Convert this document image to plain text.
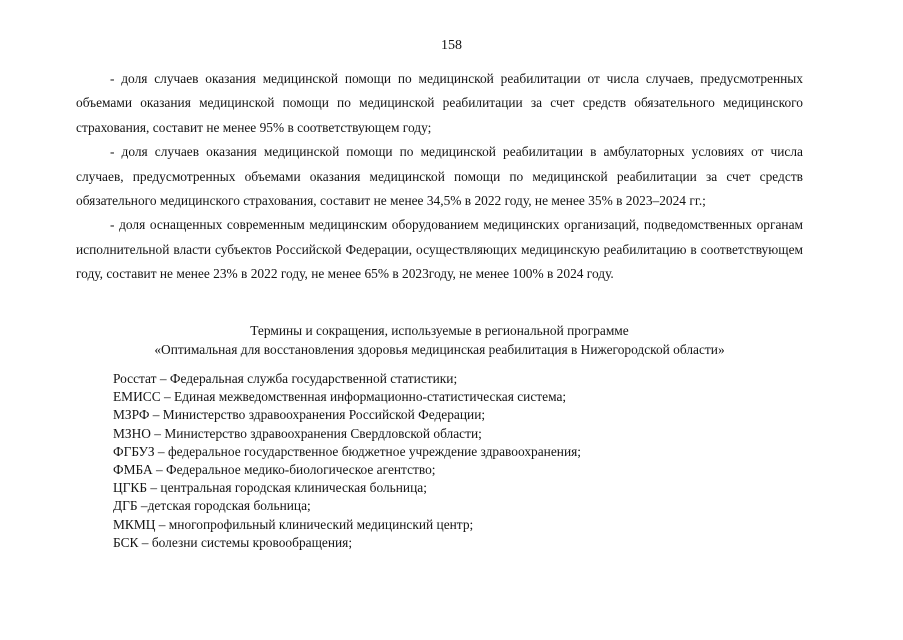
158

- доля случаев оказания медицинской помощи по медицинской реабилитации от числа случаев, предусмотренных объемами оказания медицинской помощи по медицинской реабилитации за счет средств обязательного медицинского страхования, составит не менее 95% в соответствующем году;

- доля случаев оказания медицинской помощи по медицинской реабилитации в амбулаторных условиях от числа случаев, предусмотренных объемами оказания медицинской помощи по медицинской реабилитации за счет средств обязательного медицинского страхования, составит не менее 34,5% в 2022 году, не менее 35% в 2023–2024 гг.;

- доля оснащенных современным медицинским оборудованием медицинских организаций, подведомственных органам исполнительной власти субъектов Российской Федерации, осуществляющих медицинскую реабилитацию в соответствующем году, составит не менее 23% в 2022 году, не менее 65% в 2023году, не менее 100% в 2024 году.

Термины и сокращения, используемые в региональной программе
«Оптимальная для восстановления здоровья медицинская реабилитация в Нижегородской области»
Росстат – Федеральная служба государственной статистики;
ЕМИСС – Единая межведомственная информационно-статистическая система;
МЗРФ – Министерство здравоохранения Российской Федерации;
МЗНО – Министерство здравоохранения Свердловской области;
ФГБУЗ – федеральное государственное бюджетное учреждение здравоохранения;
ФМБА – Федеральное медико-биологическое агентство;
ЦГКБ – центральная городская клиническая больница;
ДГБ –детская городская больница;
МКМЦ – многопрофильный клинический медицинский центр;
БСК – болезни системы кровообращения;
